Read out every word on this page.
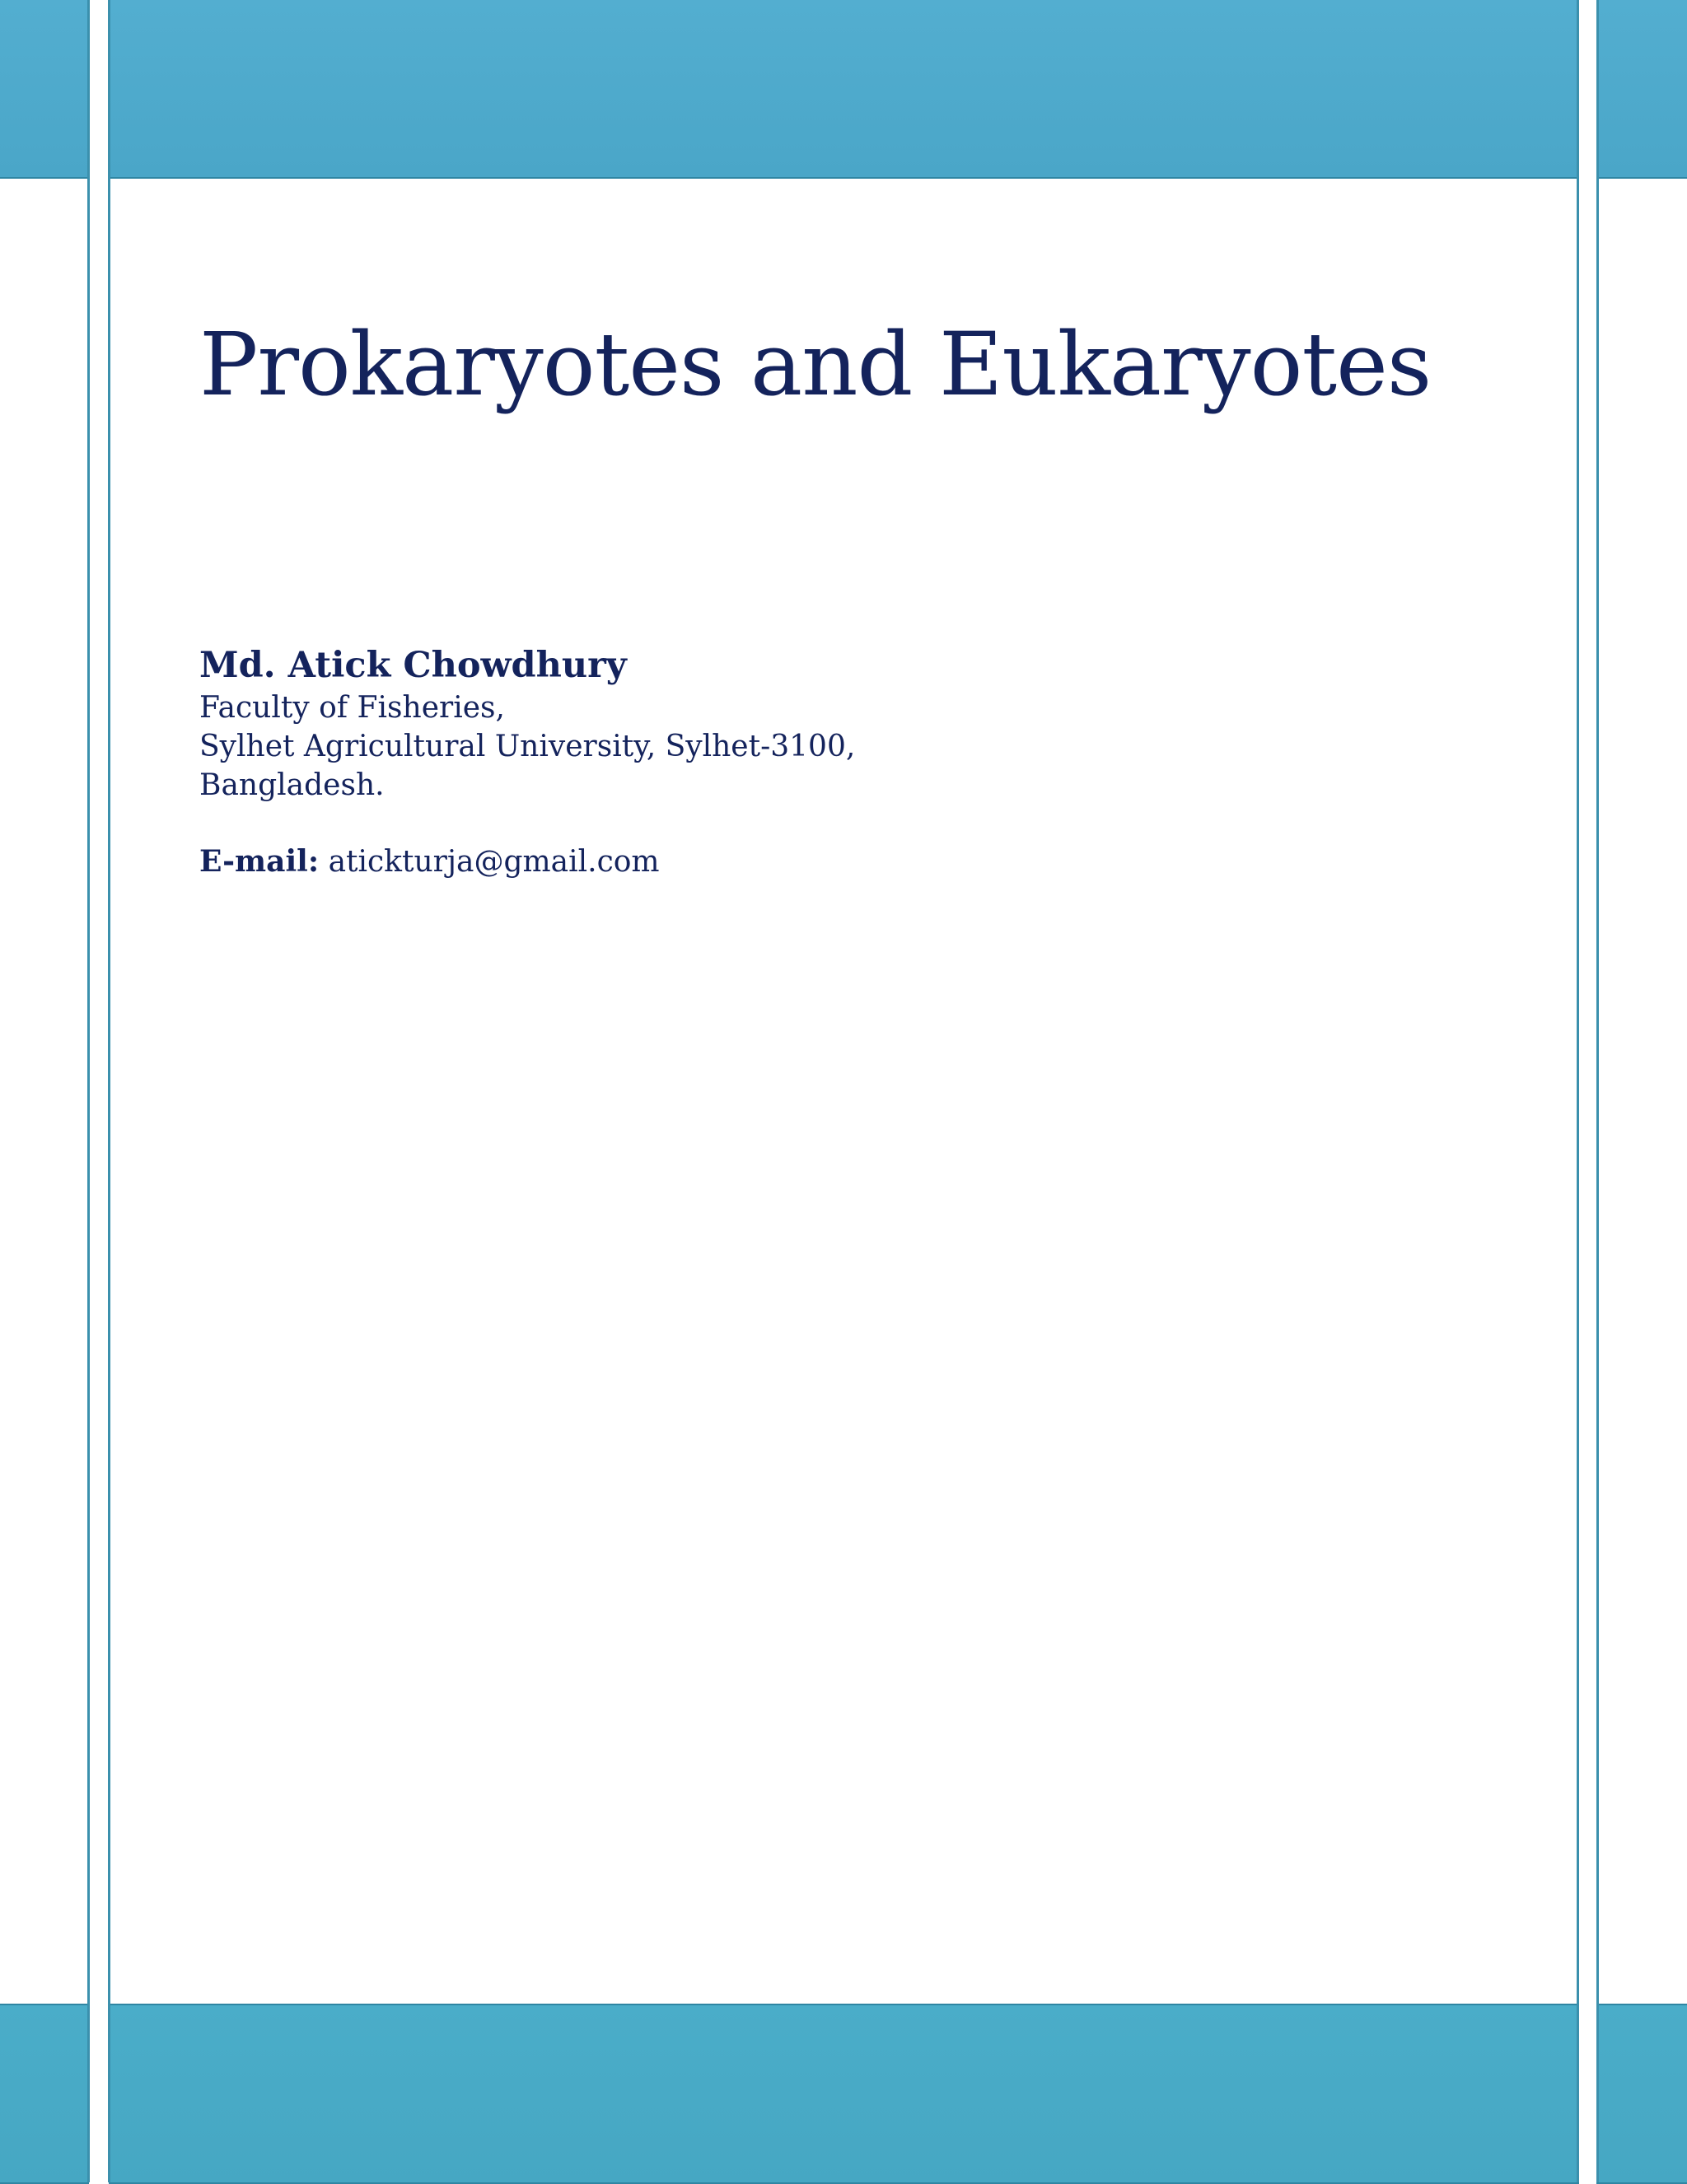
Prokaryotes and Eukaryotes
Md. Atick Chowdhury
Faculty of Fisheries,
Sylhet Agricultural University, Sylhet-3100,
Bangladesh.
E-mail: atickturja@gmail.com
